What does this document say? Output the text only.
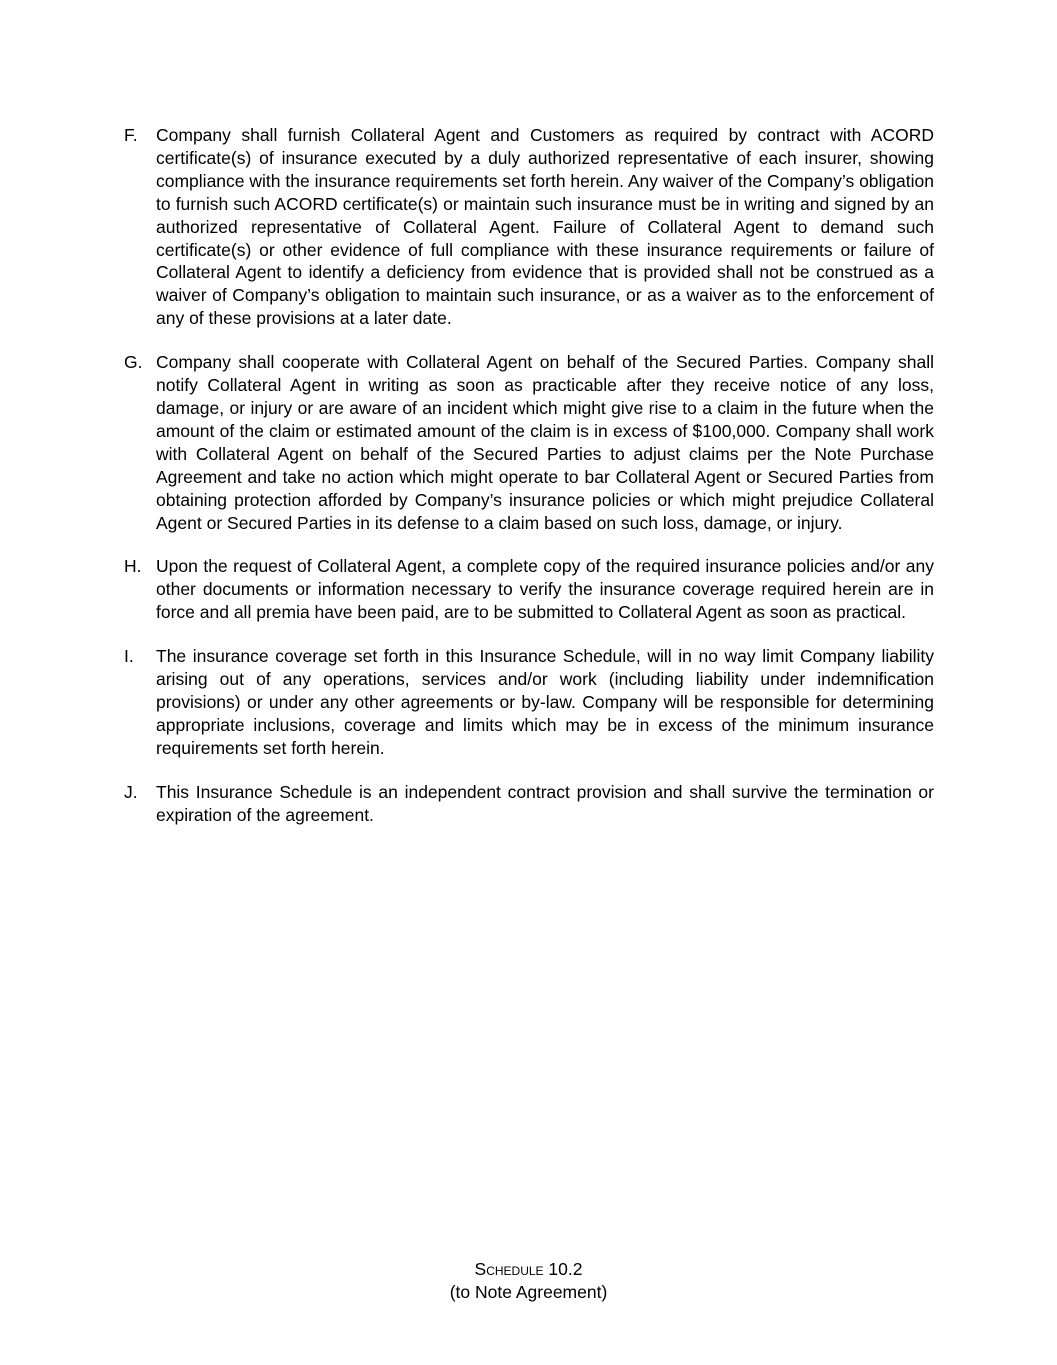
F.	Company shall furnish Collateral Agent and Customers as required by contract with ACORD certificate(s) of insurance executed by a duly authorized representative of each insurer, showing compliance with the insurance requirements set forth herein. Any waiver of the Company’s obligation to furnish such ACORD certificate(s) or maintain such insurance must be in writing and signed by an authorized representative of Collateral Agent. Failure of Collateral Agent to demand such certificate(s) or other evidence of full compliance with these insurance requirements or failure of Collateral Agent to identify a deficiency from evidence that is provided shall not be construed as a waiver of Company’s obligation to maintain such insurance, or as a waiver as to the enforcement of any of these provisions at a later date.
G. Company shall cooperate with Collateral Agent on behalf of the Secured Parties. Company shall notify Collateral Agent in writing as soon as practicable after they receive notice of any loss, damage, or injury or are aware of an incident which might give rise to a claim in the future when the amount of the claim or estimated amount of the claim is in excess of $100,000. Company shall work with Collateral Agent on behalf of the Secured Parties to adjust claims per the Note Purchase Agreement and take no action which might operate to bar Collateral Agent or Secured Parties from obtaining protection afforded by Company’s insurance policies or which might prejudice Collateral Agent or Secured Parties in its defense to a claim based on such loss, damage, or injury.
H. Upon the request of Collateral Agent, a complete copy of the required insurance policies and/or any other documents or information necessary to verify the insurance coverage required herein are in force and all premia have been paid, are to be submitted to Collateral Agent as soon as practical.
I.	The insurance coverage set forth in this Insurance Schedule, will in no way limit Company liability arising out of any operations, services and/or work (including liability under indemnification provisions) or under any other agreements or by-law. Company will be responsible for determining appropriate inclusions, coverage and limits which may be in excess of the minimum insurance requirements set forth herein.
J.	This Insurance Schedule is an independent contract provision and shall survive the termination or expiration of the agreement.
Schedule 10.2
(to Note Agreement)
